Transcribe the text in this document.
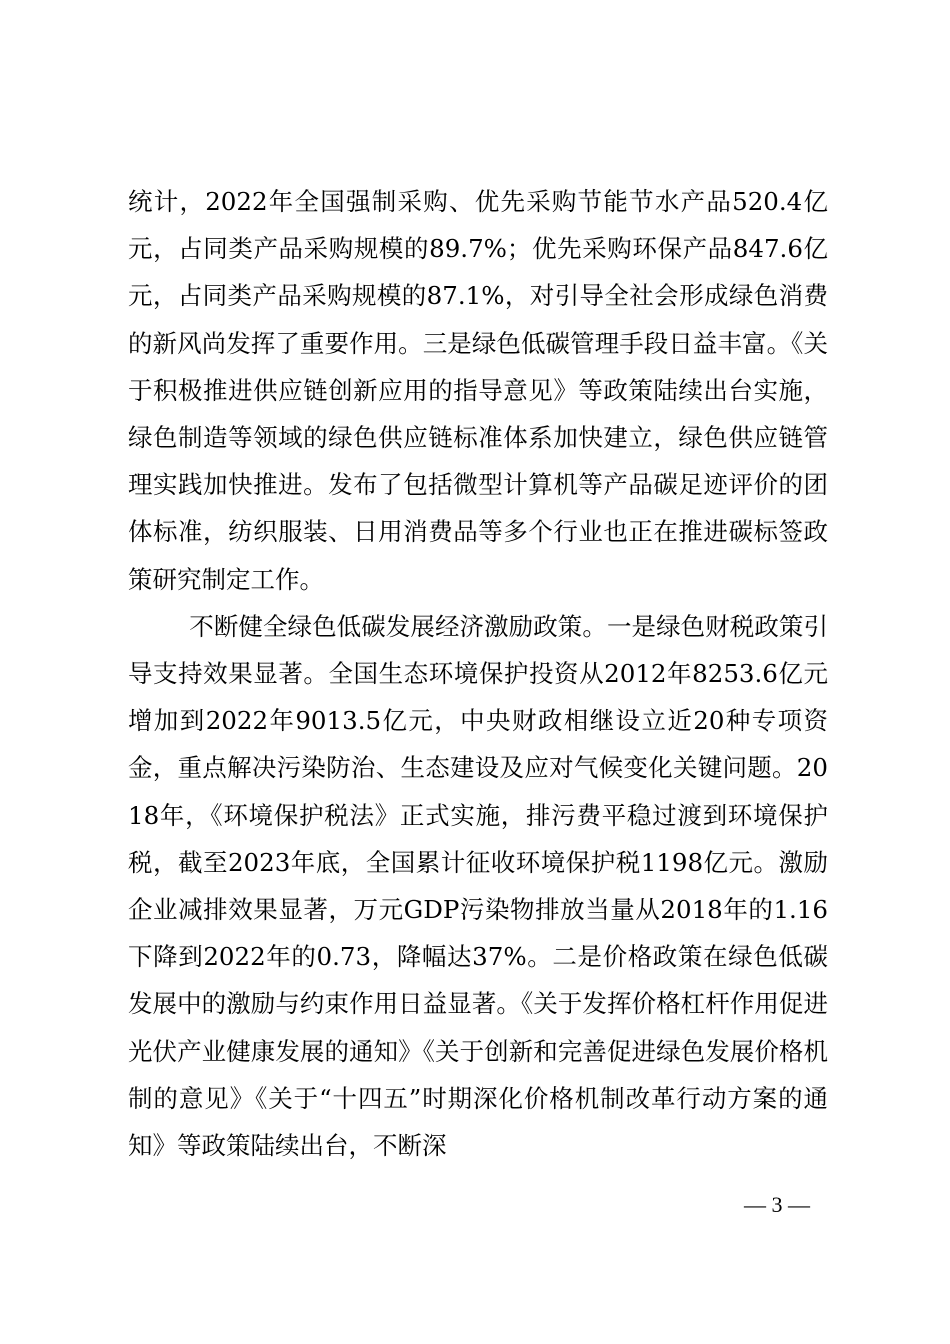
统计，2022年全国强制采购、优先采购节能节水产品520.4亿元，占同类产品采购规模的89.7%；优先采购环保产品847.6亿元，占同类产品采购规模的87.1%，对引导全社会形成绿色消费的新风尚发挥了重要作用。三是绿色低碳管理手段日益丰富。《关于积极推进供应链创新应用的指导意见》等政策陆续出台实施，绿色制造等领域的绿色供应链标准体系加快建立，绿色供应链管理实践加快推进。发布了包括微型计算机等产品碳足迹评价的团体标准，纺织服装、日用消费品等多个行业也正在推进碳标签政策研究制定工作。

不断健全绿色低碳发展经济激励政策。一是绿色财税政策引导支持效果显著。全国生态环境保护投资从2012年8253.6亿元增加到2022年9013.5亿元，中央财政相继设立近20种专项资金，重点解决污染防治、生态建设及应对气候变化关键问题。2018年，《环境保护税法》正式实施，排污费平稳过渡到环境保护税，截至2023年底，全国累计征收环境保护税1198亿元。激励企业减排效果显著，万元GDP污染物排放当量从2018年的1.16下降到2022年的0.73，降幅达37%。二是价格政策在绿色低碳发展中的激励与约束作用日益显著。《关于发挥价格杠杆作用促进光伏产业健康发展的通知》《关于创新和完善促进绿色发展价格机制的意见》《关于“十四五”时期深化价格机制改革行动方案的通知》等政策陆续出台，不断深

— 3 —
